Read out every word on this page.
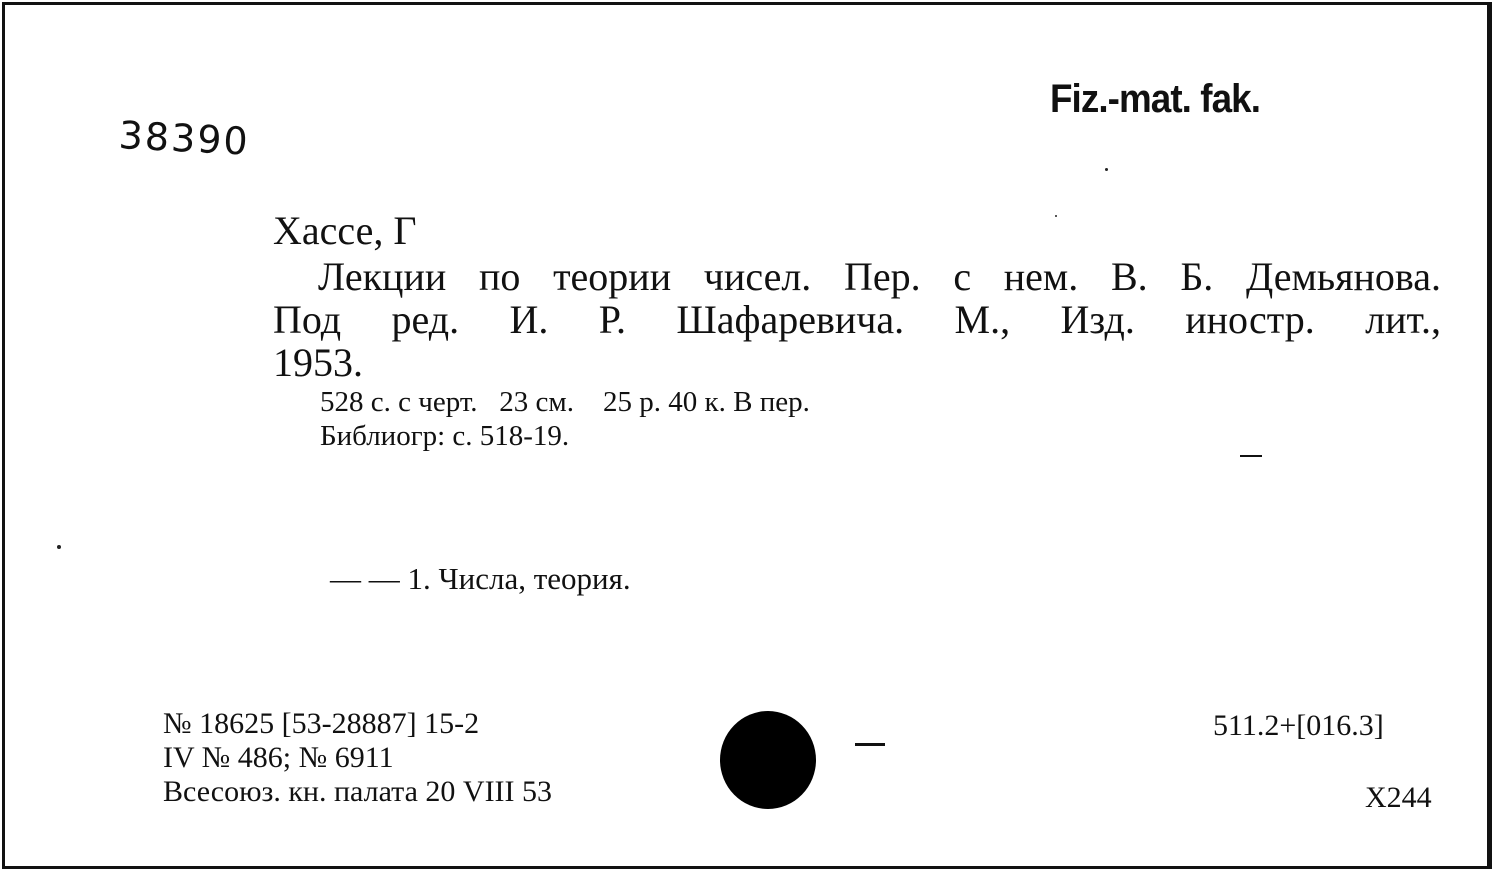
Fiz.-mat. fak.
38390
Хассе, Г
Лекции по теории чисел. Пер. с нем. В. Б. Демьянова.
Под ред. И. Р. Шафаревича. М., Изд. иностр. лит.,
1953.
528 с. с черт.   23 см.    25 р. 40 к. В пер.
Библиогр: с. 518-19.
— — 1. Числа, теория.
№ 18625 [53-28887] 15-2
IV № 486; № 6911
Всесоюз. кн. палата 20 VIII 53
511.2+[016.3]
X244
